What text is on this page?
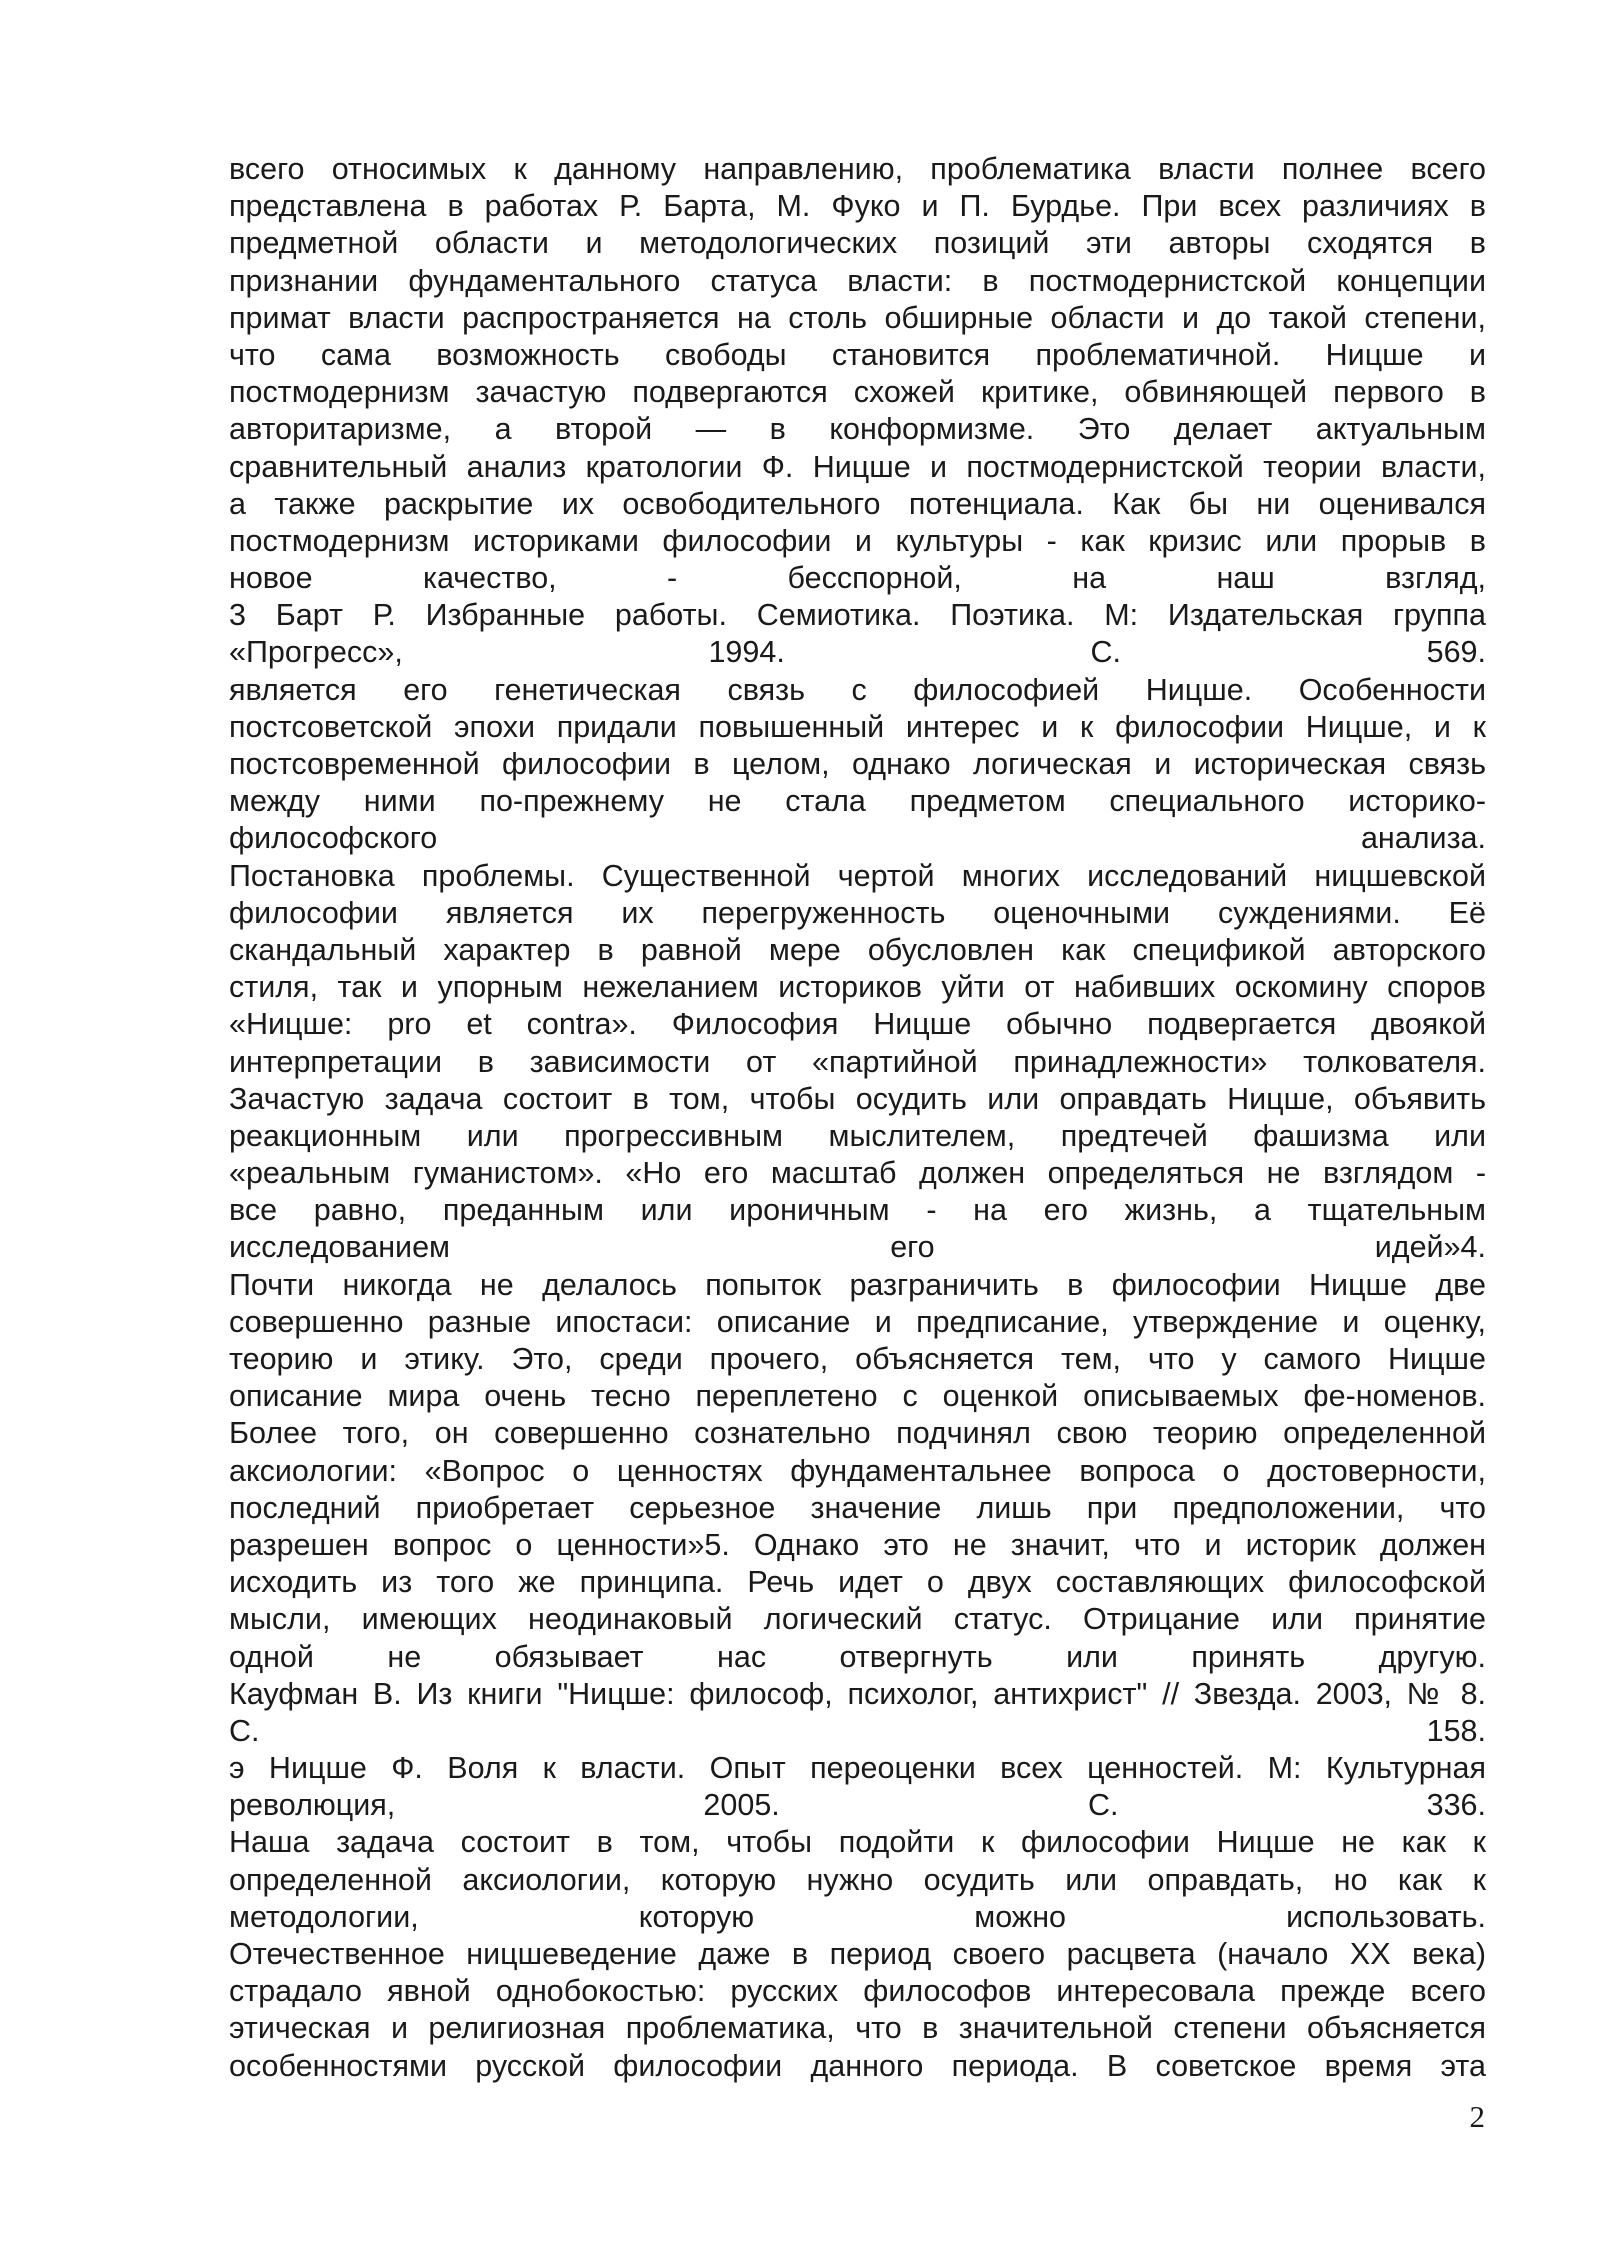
всего относимых к данному направлению, проблематика власти полнее всего
представлена в работах Р. Барта, М. Фуко и П. Бурдье. При всех различиях в
предметной области и методологических позиций эти авторы сходятся в
признании фундаментального статуса власти: в постмодернистской концепции
примат власти распространяется на столь обширные области и до такой степени,
что сама возможность свободы становится проблематичной. Ницше и
постмодернизм зачастую подвергаются схожей критике, обвиняющей первого в
авторитаризме, а второй — в конформизме. Это делает актуальным
сравнительный анализ кратологии Ф. Ницше и постмодернистской теории власти,
а также раскрытие их освободительного потенциала. Как бы ни оценивался
постмодернизм историками философии и культуры - как кризис или прорыв в
новое качество, - бесспорной, на наш взгляд,
3 Барт Р. Избранные работы. Семиотика. Поэтика. М: Издательская группа
«Прогресс», 1994. С. 569.
является его генетическая связь с философией Ницше. Особенности
постсоветской эпохи придали повышенный интерес и к философии Ницше, и к
постсовременной философии в целом, однако логическая и историческая связь
между ними по-прежнему не стала предметом специального историко-
философского анализа.
Постановка проблемы. Существенной чертой многих исследований ницшевской
философии является их перегруженность оценочными суждениями. Её
скандальный характер в равной мере обусловлен как спецификой авторского
стиля, так и упорным нежеланием историков уйти от набивших оскомину споров
«Ницше: pro et contra». Философия Ницше обычно подвергается двоякой
интерпретации в зависимости от «партийной принадлежности» толкователя.
Зачастую задача состоит в том, чтобы осудить или оправдать Ницше, объявить
реакционным или прогрессивным мыслителем, предтечей фашизма или
«реальным гуманистом». «Но его масштаб должен определяться не взглядом -
все равно, преданным или ироничным - на его жизнь, а тщательным
исследованием его идей»4.
Почти никогда не делалось попыток разграничить в философии Ницше две
совершенно разные ипостаси: описание и предписание, утверждение и оценку,
теорию и этику. Это, среди прочего, объясняется тем, что у самого Ницше
описание мира очень тесно переплетено с оценкой описываемых фе-номенов.
Более того, он совершенно сознательно подчинял свою теорию определенной
аксиологии: «Вопрос о ценностях фундаментальнее вопроса о достоверности,
последний приобретает серьезное значение лишь при предположении, что
разрешен вопрос о ценности»5. Однако это не значит, что и историк должен
исходить из того же принципа. Речь идет о двух составляющих философской
мысли, имеющих неодинаковый логический статус. Отрицание или принятие
одной не обязывает нас отвергнуть или принять другую.
Кауфман В. Из книги "Ницше: философ, психолог, антихрист" // Звезда. 2003, № 8.
С. 158.
э Ницше Ф. Воля к власти. Опыт переоценки всех ценностей. М: Культурная
революция, 2005. С. 336.
Наша задача состоит в том, чтобы подойти к философии Ницше не как к
определенной аксиологии, которую нужно осудить или оправдать, но как к
методологии, которую можно использовать.
Отечественное ницшеведение даже в период своего расцвета (начало XX века)
страдало явной однобокостью: русских философов интересовала прежде всего
этическая и религиозная проблематика, что в значительной степени объясняется
особенностями русской философии данного периода. В советское время эта
2
